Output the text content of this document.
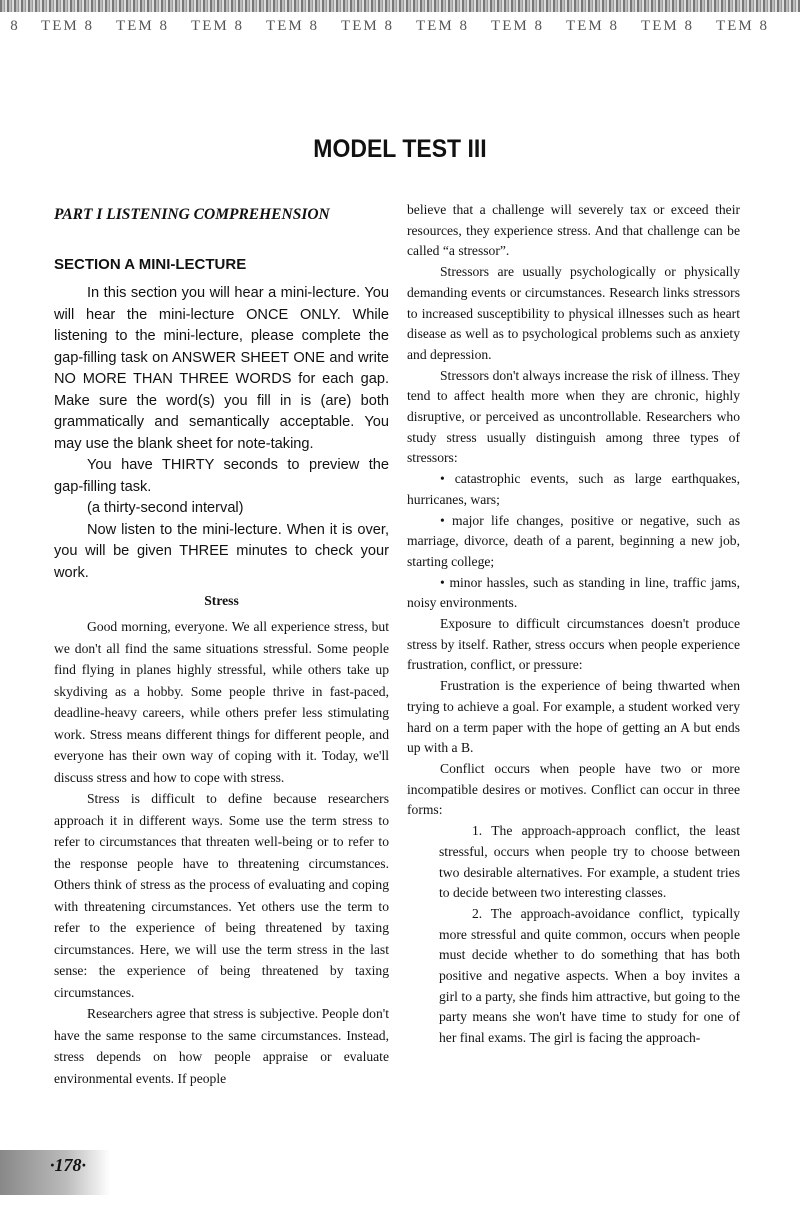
8	TEM 8	TEM 8	TEM 8	TEM 8	TEM 8	TEM 8	TEM 8	TEM 8	TEM 8	TEM 8
MODEL TEST III
PART I LISTENING COMPREHENSION
SECTION A MINI-LECTURE

In this section you will hear a mini-lecture. You will hear the mini-lecture ONCE ONLY. While listening to the mini-lecture, please complete the gap-filling task on ANSWER SHEET ONE and write NO MORE THAN THREE WORDS for each gap. Make sure the word(s) you fill in is (are) both grammatically and semantically acceptable. You may use the blank sheet for note-taking.

You have THIRTY seconds to preview the gap-filling task.

(a thirty-second interval)

Now listen to the mini-lecture. When it is over, you will be given THREE minutes to check your work.

Stress

Good morning, everyone. We all experience stress, but we don't all find the same situations stressful. Some people find flying in planes highly stressful, while others take up skydiving as a hobby. Some people thrive in fast-paced, deadline-heavy careers, while others prefer less stimulating work. Stress means different things for different people, and everyone has their own way of coping with it. Today, we'll discuss stress and how to cope with stress.

Stress is difficult to define because researchers approach it in different ways. Some use the term stress to refer to circumstances that threaten well-being or to refer to the response people have to threatening circumstances. Others think of stress as the process of evaluating and coping with threatening circumstances. Yet others use the term to refer to the experience of being threatened by taxing circumstances. Here, we will use the term stress in the last sense: the experience of being threatened by taxing circumstances.

Researchers agree that stress is subjective. People don't have the same response to the same circumstances. Instead, stress depends on how people appraise or evaluate environmental events. If people

believe that a challenge will severely tax or exceed their resources, they experience stress. And that challenge can be called “a stressor”.

Stressors are usually psychologically or physically demanding events or circumstances. Research links stressors to increased susceptibility to physical illnesses such as heart disease as well as to psychological problems such as anxiety and depression.

Stressors don't always increase the risk of illness. They tend to affect health more when they are chronic, highly disruptive, or perceived as uncontrollable. Researchers who study stress usually distinguish among three types of stressors:

• catastrophic events, such as large earthquakes, hurricanes, wars;

• major life changes, positive or negative, such as marriage, divorce, death of a parent, beginning a new job, starting college;

• minor hassles, such as standing in line, traffic jams, noisy environments.

Exposure to difficult circumstances doesn't produce stress by itself. Rather, stress occurs when people experience frustration, conflict, or pressure:

Frustration is the experience of being thwarted when trying to achieve a goal. For example, a student worked very hard on a term paper with the hope of getting an A but ends up with a B.

Conflict occurs when people have two or more incompatible desires or motives. Conflict can occur in three forms:

1. The approach-approach conflict, the least stressful, occurs when people try to choose between two desirable alternatives. For example, a student tries to decide between two interesting classes.

2. The approach-avoidance conflict, typically more stressful and quite common, occurs when people must decide whether to do something that has both positive and negative aspects. When a boy invites a girl to a party, she finds him attractive, but going to the party means she won't have time to study for one of her final exams. The girl is facing the approach-

·178·
